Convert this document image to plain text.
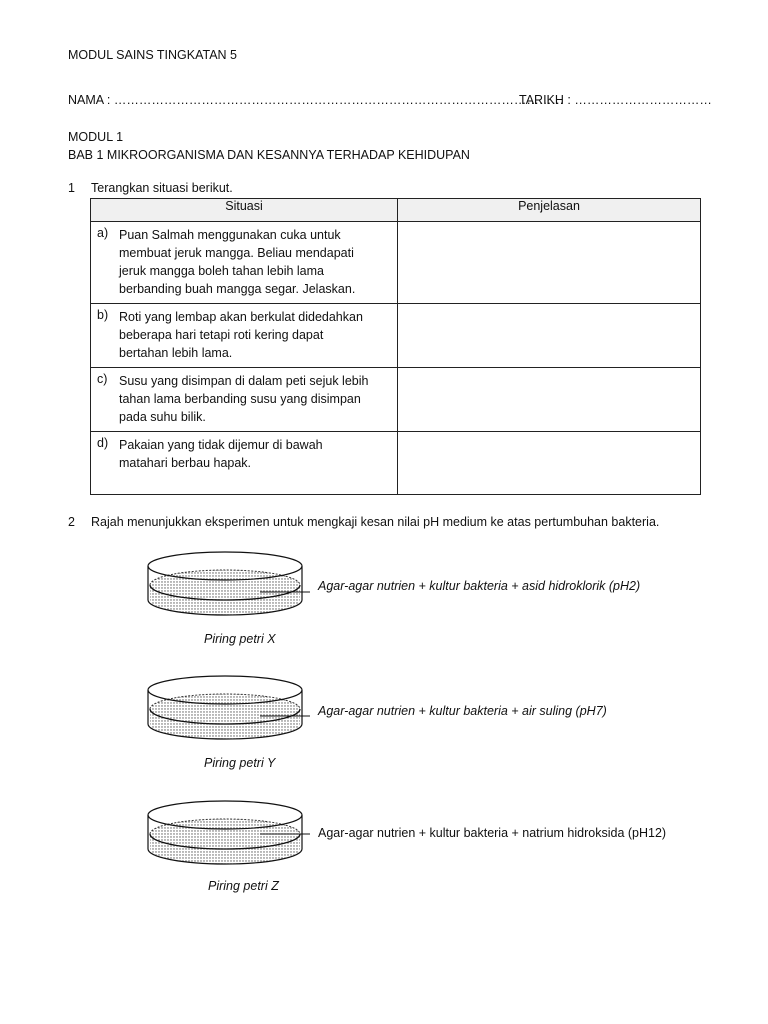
MODUL SAINS TINGKATAN 5
NAMA : ………………………………………………………………………………………………
TARIKH : ……………………………
MODUL 1
BAB 1 MIKROORGANISMA DAN KESANNYA TERHADAP KEHIDUPAN
1 Terangkan situasi berikut.
Situasi	Penjelasan
a) Puan Salmah menggunakan cuka untuk membuat jeruk mangga. Beliau mendapati jeruk mangga boleh tahan lebih lama berbanding buah mangga segar. Jelaskan.	
b) Roti yang lembap akan berkulat didedahkan beberapa hari tetapi roti kering dapat bertahan lebih lama.	
c) Susu yang disimpan di dalam peti sejuk lebih tahan lama berbanding susu yang disimpan pada suhu bilik.	
d) Pakaian yang tidak dijemur di bawah matahari berbau hapak.	
2 Rajah menunjukkan eksperimen untuk mengkaji kesan nilai pH medium ke atas pertumbuhan bakteria.
Agar-agar nutrien + kultur bakteria + asid hidroklorik (pH2)
Piring petri X
Agar-agar nutrien + kultur bakteria + air suling (pH7)
Piring petri Y
Agar-agar nutrien + kultur bakteria + natrium hidroksida (pH12)
Piring petri Z
